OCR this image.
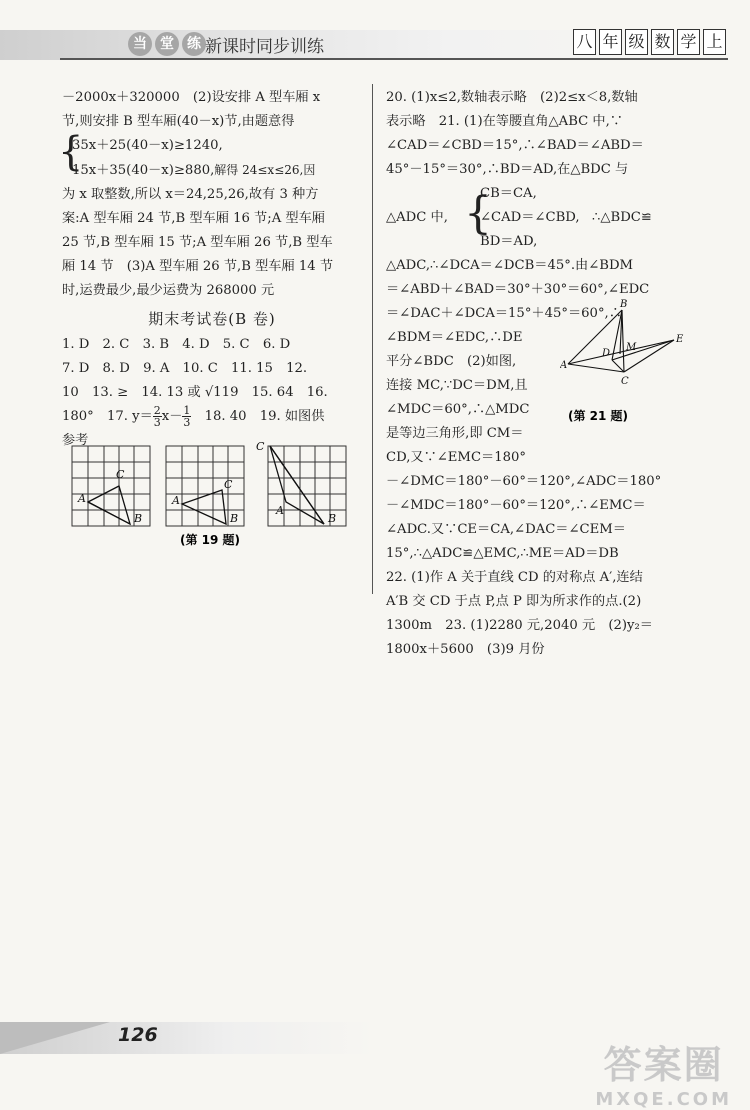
当 堂 练 新课时同步训练	八 年 级 数 学 上
－2000x＋320000　(2)设安排 A 型车厢 x
节,则安排 B 型车厢(40－x)节,由题意得
35x＋25(40－x)≥1240,
15x＋35(40－x)≥880,解得 24≤x≤26,因
{
为 x 取整数,所以 x＝24,25,26,故有 3 种方
案:A 型车厢 24 节,B 型车厢 16 节;A 型车厢
25 节,B 型车厢 15 节;A 型车厢 26 节,B 型车
厢 14 节　(3)A 型车厢 26 节,B 型车厢 14 节
时,运费最少,最少运费为 268000 元
期末考试卷(B 卷)
1. D　2. C　3. B　4. D　5. C　6. D
7. D　8. D　9. A　10. C　11. 15　12.
10　13. ≥　14. 13 或 √119　15. 64　16.
180°　17. $y= \frac{2}{3}x- \frac{1}{3}$　 18. 40　19. 如图供
参考
A
B
C
A
B
C
A
B
C
(第 19 题)
20. (1)x≤2,数轴表示略　(2)2≤x＜8,数轴
表示略　21. (1)在等腰直角△ABC 中,∵
∠CAD＝∠CBD＝15°,∴∠BAD＝∠ABD＝
45°－15°＝30°,∴BD＝AD,在△BDC 与
△ADC 中, {
CB＝CA,
∠CAD＝∠CBD, ∴△BDC≌
BD＝AD,
△ADC,∴∠DCA＝∠DCB＝45°.由∠BDM
＝∠ABD＋∠BAD＝30°＋30°＝60°,∠EDC
＝∠DAC＋∠DCA＝15°＋45°＝60°,∴
∠BDM＝∠EDC,∴DE
平分∠BDC　(2)如图,
连接 MC,∵DC＝DM,且
∠MDC＝60°,∴△MDC
是等边三角形,即 CM＝
CD,又∵∠EMC＝180°
－∠DMC＝180°－60°＝120°,∠ADC＝180°
－∠MDC＝180°－60°＝120°,∴∠EMC＝
∠ADC.又∵CE＝CA,∠DAC＝∠CEM＝
15°,∴△ADC≌△EMC,∴ME＝AD＝DB
22. (1)作 A 关于直线 CD 的对称点 A′,连结
A′B 交 CD 于点 P,点 P 即为所求作的点.(2)
1300m　23. (1)2280 元,2040 元　(2)y₂＝
1800x＋5600　(3)9 月份
B
A
D
M
E
C
(第 21 题)
126
答案圈
MXQE.COM
